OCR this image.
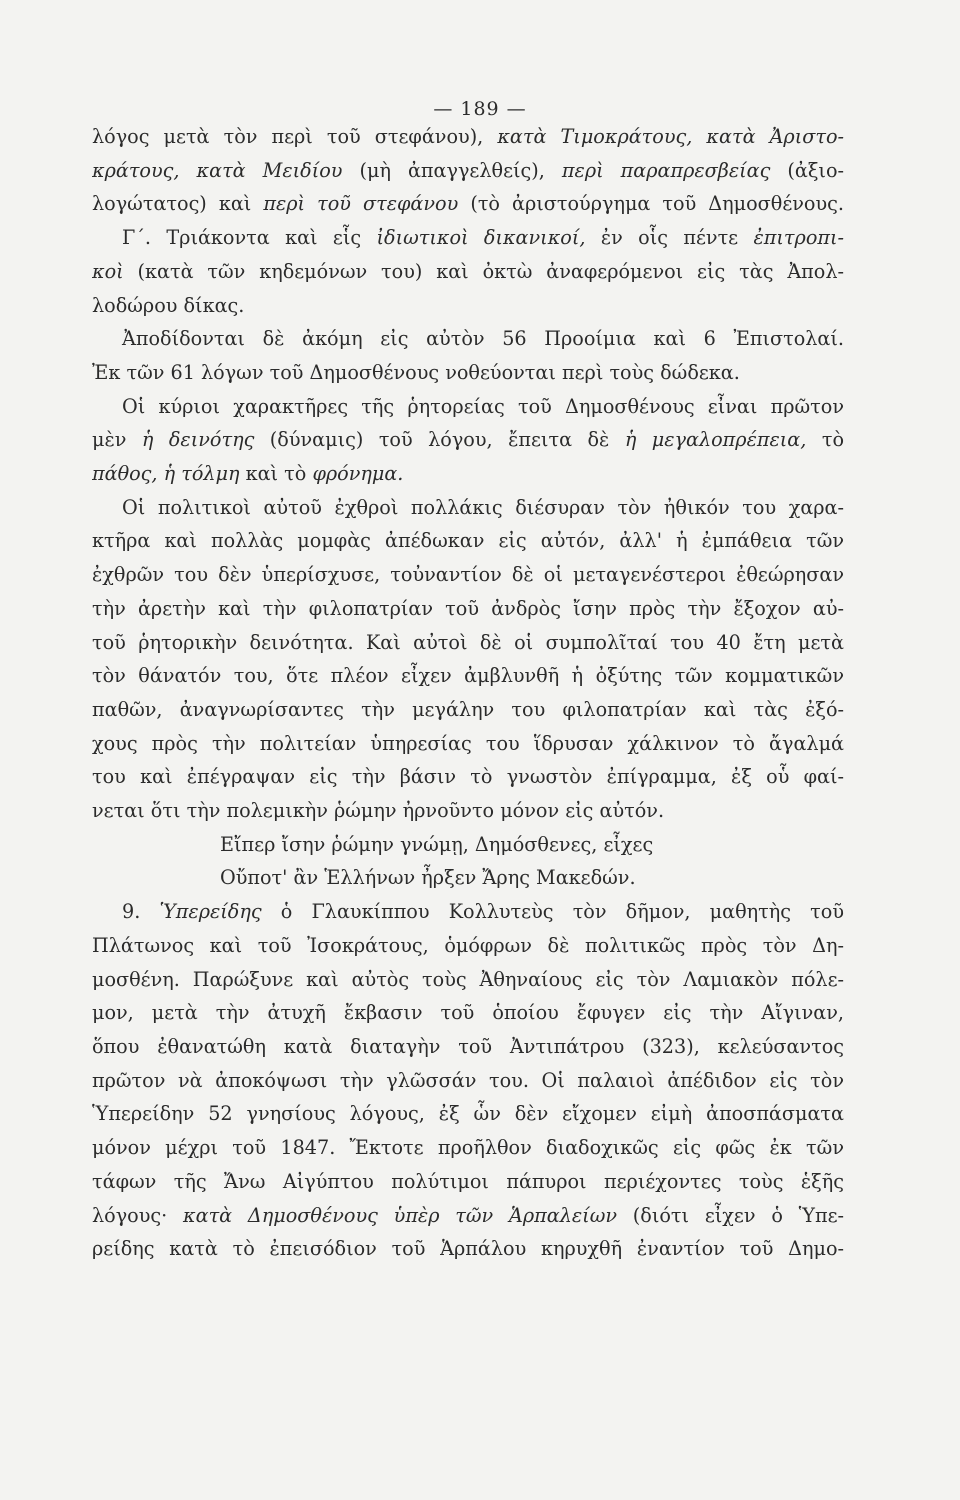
— 189 —
λόγος μετὰ τὸν περὶ τοῦ στεφάνου), κατὰ Τιμοκράτους, κατὰ Ἀριστο-
κράτους, κατὰ Μειδίου (μὴ ἀπαγγελθείς), περὶ παραπρεσβείας (ἀξιο-
λογώτατος) καὶ περὶ τοῦ στεφάνου (τὸ ἀριστούργημα τοῦ Δημοσθένους.
Γ´. Τριάκοντα καὶ εἷς ἰδιωτικοὶ δικανικοί, ἐν οἷς πέντε ἐπιτροπι-
κοὶ (κατὰ τῶν κηδεμόνων του) καὶ ὀκτὼ ἀναφερόμενοι εἰς τὰς Ἀπολ-
λοδώρου δίκας.
Ἀποδίδονται δὲ ἀκόμη εἰς αὐτὸν 56 Προοίμια καὶ 6 Ἐπιστολαί.
Ἐκ τῶν 61 λόγων τοῦ Δημοσθένους νοθεύονται περὶ τοὺς δώδεκα.
Οἱ κύριοι χαρακτῆρες τῆς ῥητορείας τοῦ Δημοσθένους εἶναι πρῶτον
μὲν ἡ δεινότης (δύναμις) τοῦ λόγου, ἔπειτα δὲ ἡ μεγαλοπρέπεια, τὸ
πάθος, ἡ τόλμη καὶ τὸ φρόνημα.
Οἱ πολιτικοὶ αὐτοῦ ἐχθροὶ πολλάκις διέσυραν τὸν ἠθικόν του χαρα-
κτῆρα καὶ πολλὰς μομφὰς ἀπέδωκαν εἰς αὐτόν, ἀλλ' ἡ ἐμπάθεια τῶν
ἐχθρῶν του δὲν ὑπερίσχυσε, τοὐναντίον δὲ οἱ μεταγενέστεροι ἐθεώρησαν
τὴν ἀρετὴν καὶ τὴν φιλοπατρίαν τοῦ ἀνδρὸς ἴσην πρὸς τὴν ἔξοχον αὐ-
τοῦ ῥητορικὴν δεινότητα. Καὶ αὐτοὶ δὲ οἱ συμπολῖταί του 40 ἔτη μετὰ
τὸν θάνατόν του, ὅτε πλέον εἶχεν ἀμβλυνθῆ ἡ ὀξύτης τῶν κομματικῶν
παθῶν, ἀναγνωρίσαντες τὴν μεγάλην του φιλοπατρίαν καὶ τὰς ἐξό-
χους πρὸς τὴν πολιτείαν ὑπηρεσίας του ἵδρυσαν χάλκινον τὸ ἄγαλμά
του καὶ ἐπέγραψαν εἰς τὴν βάσιν τὸ γνωστὸν ἐπίγραμμα, ἐξ οὗ φαί-
νεται ὅτι τὴν πολεμικὴν ῥώμην ἠρνοῦντο μόνον εἰς αὐτόν.
Εἴπερ ἴσην ῥώμην γνώμῃ, Δημόσθενες, εἶχες
Οὔποτ' ἂν Ἑλλήνων ἦρξεν Ἄρης Μακεδών.
9. Ὑπερείδης ὁ Γλαυκίππου Κολλυτεὺς τὸν δῆμον, μαθητὴς τοῦ
Πλάτωνος καὶ τοῦ Ἰσοκράτους, ὁμόφρων δὲ πολιτικῶς πρὸς τὸν Δη-
μοσθένη. Παρώξυνε καὶ αὐτὸς τοὺς Ἀθηναίους εἰς τὸν Λαμιακὸν πόλε-
μον, μετὰ τὴν ἀτυχῆ ἔκβασιν τοῦ ὁποίου ἔφυγεν εἰς τὴν Αἴγιναν,
ὅπου ἐθανατώθη κατὰ διαταγὴν τοῦ Ἀντιπάτρου (323), κελεύσαντος
πρῶτον νὰ ἀποκόψωσι τὴν γλῶσσάν του. Οἱ παλαιοὶ ἀπέδιδον εἰς τὸν
Ὑπερείδην 52 γνησίους λόγους, ἐξ ὧν δὲν εἴχομεν εἰμὴ ἀποσπάσματα
μόνον μέχρι τοῦ 1847. Ἔκτοτε προῆλθον διαδοχικῶς εἰς φῶς ἐκ τῶν
τάφων τῆς Ἄνω Αἰγύπτου πολύτιμοι πάπυροι περιέχοντες τοὺς ἑξῆς
λόγους· κατὰ Δημοσθένους ὑπὲρ τῶν Ἁρπαλείων (διότι εἶχεν ὁ Ὑπε-
ρείδης κατὰ τὸ ἐπεισόδιον τοῦ Ἁρπάλου κηρυχθῆ ἐναντίον τοῦ Δημο-
